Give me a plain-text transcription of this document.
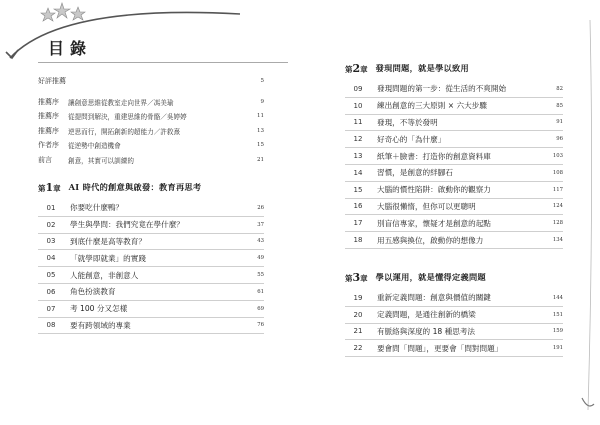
目錄
好評推薦	5
推薦序	讓創意思維從教室走向世界／馮美瑜	9
推薦序	從提問到解決，重建思維的骨骼／吳婷婷	11
推薦序	逆思而行，開拓創新的超能力／許救熹	13
作者序	從逆勢中創造機會	15
前言	創意，其實可以訓練的	21
第1章 AI 時代的創意與啟發：教育再思考
01	你要吃什麼鴨？	26
02	學生與學問：我們究竟在學什麼？	37
03	到底什麼是高等教育？	43
04	「就學即就業」的實踐	49
05	人能創意，非創意人	55
06	角色扮演教育	61
07	考 100 分又怎樣	69
08	要有跨領域的專業	76
第2章 發現問題，就是學以致用
09	發現問題的第一步：從生活的不爽開始	82
10	練出創意的三大原則 × 六大步驟	85
11	發現，不等於發明	91
12	好奇心的「為什麼」	96
13	紙筆＋臉書：打造你的創意資料庫	103
14	習慣，是創意的絆腳石	108
15	大腦的慣性陷阱：啟動你的觀察力	117
16	大腦很懶惰，但你可以更聰明	124
17	別盲信專家，懷疑才是創意的起點	128
18	用五感與換位，啟動你的想像力	134
第3章 學以運用，就是懂得定義問題
19	重新定義問題：創意與價值的關鍵	144
20	定義問題，是通往創新的橋梁	151
21	有脈絡與深度的 18 種思考法	159
22	要會問「問題」，更要會「問對問題」	191
